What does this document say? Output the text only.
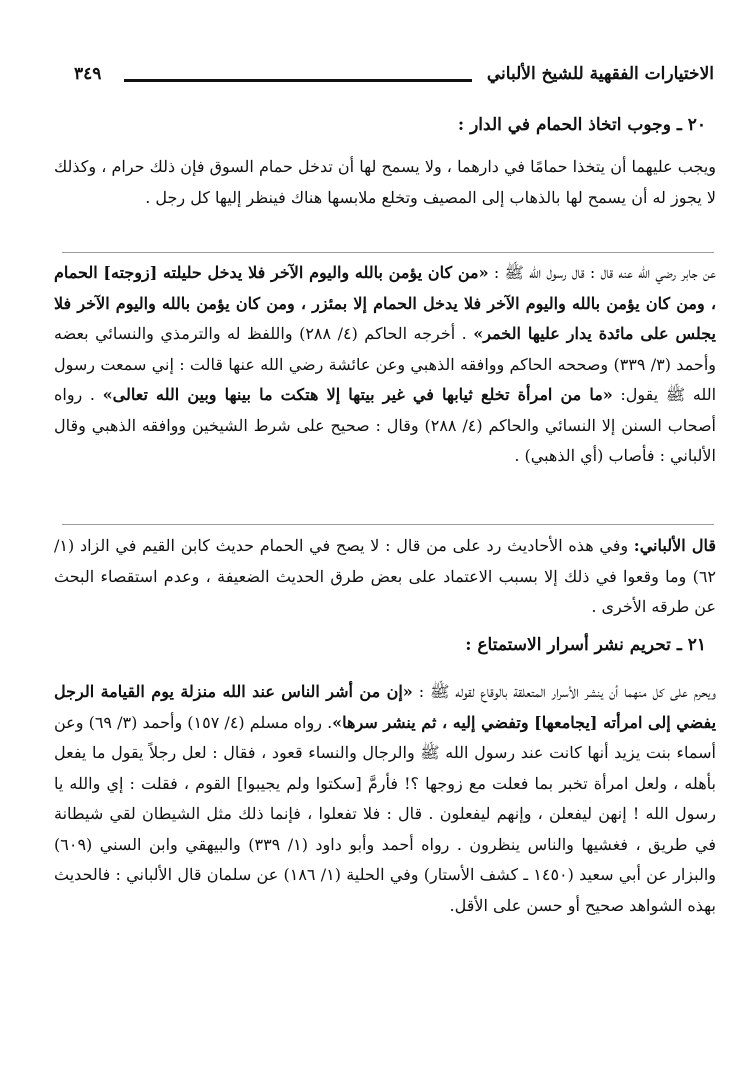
الاختيارات الفقهية للشيخ الألباني
٣٤٩
٢٠ ـ وجوب اتخاذ الحمام في الدار :
ويجب عليهما أن يتخذا حمامًا في دارهما ، ولا يسمح لها أن تدخل حمام السوق فإن ذلك حرام ، وكذلك لا يجوز له أن يسمح لها بالذهاب إلى المصيف وتخلع ملابسها هناك فينظر إليها كل رجل .
عن جابر رضي الله عنه قال : قال رسول الله ﷺ : «من كان يؤمن بالله واليوم الآخر فلا يدخل حليلته [زوجته] الحمام ، ومن كان يؤمن بالله واليوم الآخر فلا يدخل الحمام إلا بمئزر ، ومن كان يؤمن بالله واليوم الآخر فلا يجلس على مائدة يدار عليها الخمر» . أخرجه الحاكم (٤/ ٢٨٨) واللفظ له والترمذي والنسائي بعضه وأحمد (٣/ ٣٣٩) وصححه الحاكم ووافقه الذهبي وعن عائشة رضي الله عنها قالت : إني سمعت رسول الله ﷺ يقول: «ما من امرأة تخلع ثيابها في غير بيتها إلا هتكت ما بينها وبين الله تعالى» . رواه أصحاب السنن إلا النسائي والحاكم (٤/ ٢٨٨) وقال : صحيح على شرط الشيخين ووافقه الذهبي وقال الألباني : فأصاب (أي الذهبي) .
قال الألباني: وفي هذه الأحاديث رد على من قال : لا يصح في الحمام حديث كابن القيم في الزاد (١/ ٦٢) وما وقعوا في ذلك إلا بسبب الاعتماد على بعض طرق الحديث الضعيفة ، وعدم استقصاء البحث عن طرقه الأخرى .
٢١ ـ تحريم نشر أسرار الاستمتاع :
ويحرم على كل منهما أن ينشر الأسرار المتعلقة بالوقاع لقوله ﷺ : «إن من أشر الناس عند الله منزلة يوم القيامة الرجل يفضي إلى امرأته [يجامعها] وتفضي إليه ، ثم ينشر سرها». رواه مسلم (٤/ ١٥٧) وأحمد (٣/ ٦٩) وعن أسماء بنت يزيد أنها كانت عند رسول الله ﷺ والرجال والنساء قعود ، فقال : لعل رجلاً يقول ما يفعل بأهله ، ولعل امرأة تخبر بما فعلت مع زوجها ؟! فأرمَّ [سكتوا ولم يجيبوا] القوم ، فقلت : إي والله يا رسول الله ! إنهن ليفعلن ، وإنهم ليفعلون . قال : فلا تفعلوا ، فإنما ذلك مثل الشيطان لقي شيطانة في طريق ، فغشيها والناس ينظرون . رواه أحمد وأبو داود (١/ ٣٣٩) والبيهقي وابن السني (٦٠٩) والبزار عن أبي سعيد (١٤٥٠ ـ كشف الأستار) وفي الحلية (١/ ١٨٦) عن سلمان قال الألباني : فالحديث بهذه الشواهد صحيح أو حسن على الأقل.
